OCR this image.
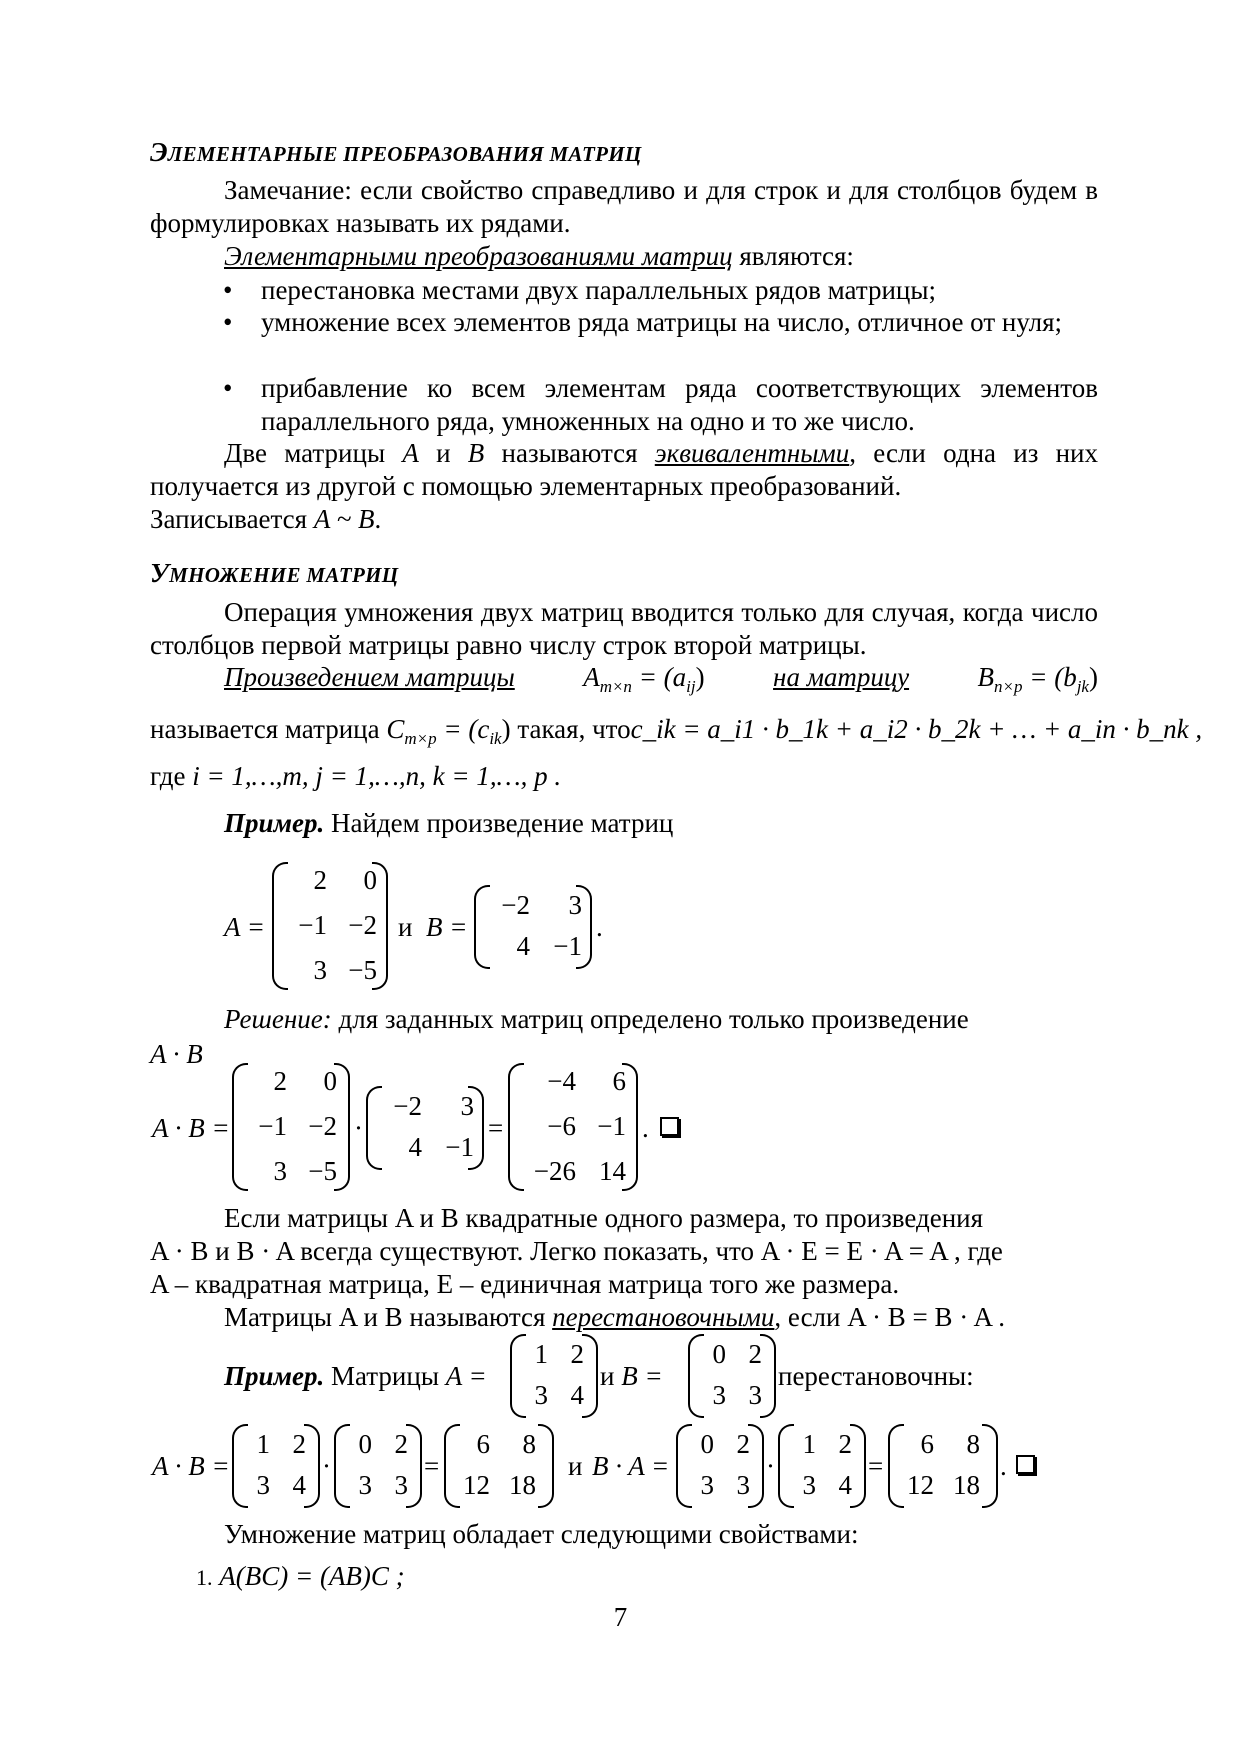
ЭЛЕМЕНТАРНЫЕ ПРЕОБРАЗОВАНИЯ МАТРИЦ
Замечание: если свойство справедливо и для строк и для столбцов будем в формулировках называть их рядами.
Элементарными преобразованиями матриц являются:
• перестановка местами двух параллельных рядов матрицы;
• умножение всех элементов ряда матрицы на число, отличное от нуля;
• прибавление ко всем элементам ряда соответствующих элементов параллельного ряда, умноженных на одно и то же число.
Две матрицы A и B называются эквивалентными, если одна из них получается из другой с помощью элементарных преобразований.
Записывается A ~ B.
УМНОЖЕНИЕ МАТРИЦ
Операция умножения двух матриц вводится только для случая, когда число столбцов первой матрицы равно числу строк второй матрицы.
Произведением матрицы	$A_{m\times n} = (a_{ij})$	на матрицу	$B_{n\times p} = (b_{jk})$
называется матрица $C_{m\times p} = (c_{ik})$ такая, что c_ik = a_i1 · b_1k + a_i2 · b_2k + … + a_in · b_nk ,
где i = 1,…,m, j = 1,…,n, k = 1,…, p .
Пример. Найдем произведение матриц
A =
2	0
−1 −2
3 −5
и B =
−2	3
4 −1
.
Решение: для заданных матриц определено только произведение
A · B
A · B =
2	0
−1 −2
3 −5
·
−2	3
4 −1
=
−4	6
−6 −1
−26 14
.
Если матрицы A и B квадратные одного размера, то произведения
A · B и B · A всегда существуют. Легко показать, что A · E = E · A = A , где
A – квадратная матрица, E – единичная матрица того же размера.
Матрицы A и B называются перестановочными, если A · B = B · A .
Пример. Матрицы A =
1 2
3 4
и B =
0 2
3 3
перестановочны:
A · B =
1 2
3 4
·
0 2
3 3
=
6	8
12 18
и B · A =
0 2
3 3
·
1 2
3 4
=
6	8
12 18
.
Умножение матриц обладает следующими свойствами:
1. A(BC) = (AB)C ;
7
